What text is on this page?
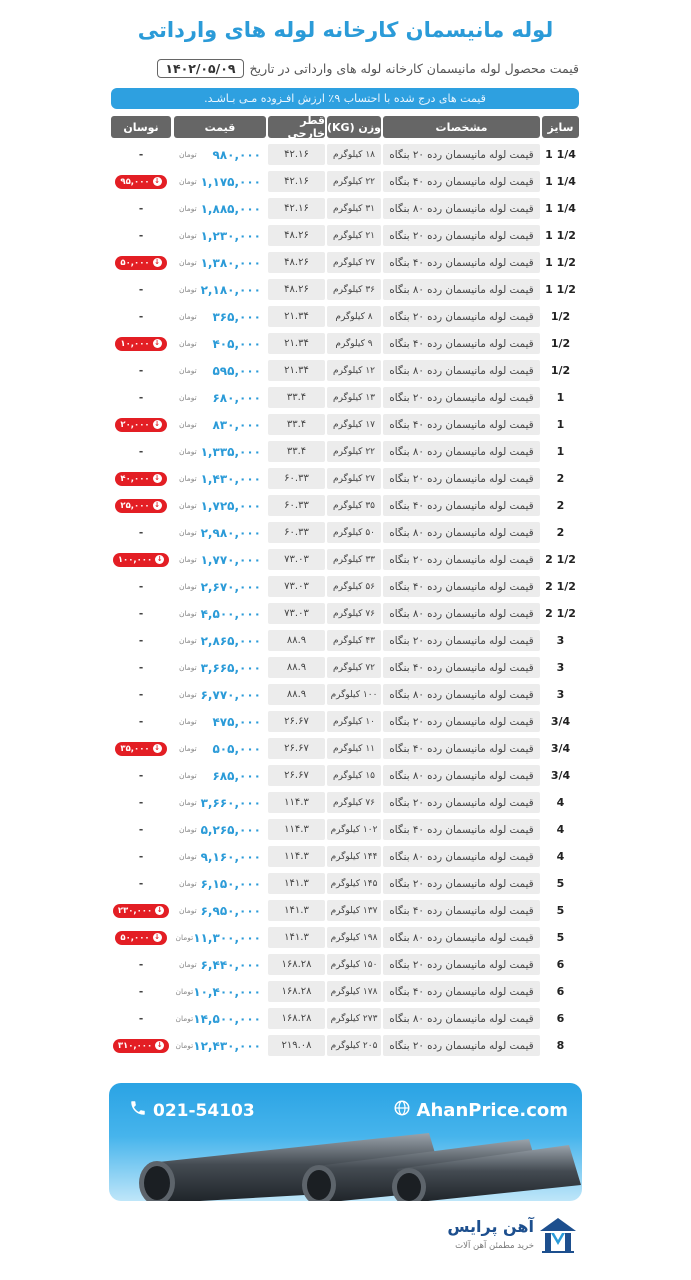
لوله مانیسمان کارخانه لوله های وارداتی
قیمت محصول لوله مانیسمان کارخانه لوله های وارداتی در تاریخ
۱۴۰۲/۰۵/۰۹
قیمت های درج شده با احتساب ۹٪ ارزش افـزوده مـی بـاشـد.
سایز
مشخصات
وزن (KG)
قطر خارجی
قیمت
نوسان
1 1/4
قیمت لوله مانیسمان رده ۲۰ بنگاه
۱۸ کیلوگرم
۴۲.۱۶
۹۸۰,۰۰۰
تومان
-
1 1/4
قیمت لوله مانیسمان رده ۴۰ بنگاه
۲۲ کیلوگرم
۴۲.۱۶
۱,۱۷۵,۰۰۰
تومان
↓
۹۵,۰۰۰
1 1/4
قیمت لوله مانیسمان رده ۸۰ بنگاه
۳۱ کیلوگرم
۴۲.۱۶
۱,۸۸۵,۰۰۰
تومان
-
1 1/2
قیمت لوله مانیسمان رده ۲۰ بنگاه
۲۱ کیلوگرم
۴۸.۲۶
۱,۲۳۰,۰۰۰
تومان
-
1 1/2
قیمت لوله مانیسمان رده ۴۰ بنگاه
۲۷ کیلوگرم
۴۸.۲۶
۱,۳۸۰,۰۰۰
تومان
↓
۵۰,۰۰۰
1 1/2
قیمت لوله مانیسمان رده ۸۰ بنگاه
۳۶ کیلوگرم
۴۸.۲۶
۲,۱۸۰,۰۰۰
تومان
-
1/2
قیمت لوله مانیسمان رده ۲۰ بنگاه
۸ کیلوگرم
۲۱.۳۴
۳۶۵,۰۰۰
تومان
-
1/2
قیمت لوله مانیسمان رده ۴۰ بنگاه
۹ کیلوگرم
۲۱.۳۴
۴۰۵,۰۰۰
تومان
↓
۱۰,۰۰۰
1/2
قیمت لوله مانیسمان رده ۸۰ بنگاه
۱۲ کیلوگرم
۲۱.۳۴
۵۹۵,۰۰۰
تومان
-
1
قیمت لوله مانیسمان رده ۲۰ بنگاه
۱۳ کیلوگرم
۳۳.۴
۶۸۰,۰۰۰
تومان
-
1
قیمت لوله مانیسمان رده ۴۰ بنگاه
۱۷ کیلوگرم
۳۳.۴
۸۳۰,۰۰۰
تومان
↓
۲۰,۰۰۰
1
قیمت لوله مانیسمان رده ۸۰ بنگاه
۲۲ کیلوگرم
۳۳.۴
۱,۳۳۵,۰۰۰
تومان
-
2
قیمت لوله مانیسمان رده ۲۰ بنگاه
۲۷ کیلوگرم
۶۰.۳۳
۱,۴۳۰,۰۰۰
تومان
↓
۴۰,۰۰۰
2
قیمت لوله مانیسمان رده ۴۰ بنگاه
۳۵ کیلوگرم
۶۰.۳۳
۱,۷۲۵,۰۰۰
تومان
↓
۲۵,۰۰۰
2
قیمت لوله مانیسمان رده ۸۰ بنگاه
۵۰ کیلوگرم
۶۰.۳۳
۲,۹۸۰,۰۰۰
تومان
-
2 1/2
قیمت لوله مانیسمان رده ۲۰ بنگاه
۳۳ کیلوگرم
۷۳.۰۳
۱,۷۷۰,۰۰۰
تومان
↓
۱۰۰,۰۰۰
2 1/2
قیمت لوله مانیسمان رده ۴۰ بنگاه
۵۶ کیلوگرم
۷۳.۰۳
۲,۶۷۰,۰۰۰
تومان
-
2 1/2
قیمت لوله مانیسمان رده ۸۰ بنگاه
۷۶ کیلوگرم
۷۳.۰۳
۴,۵۰۰,۰۰۰
تومان
-
3
قیمت لوله مانیسمان رده ۲۰ بنگاه
۴۳ کیلوگرم
۸۸.۹
۲,۸۶۵,۰۰۰
تومان
-
3
قیمت لوله مانیسمان رده ۴۰ بنگاه
۷۲ کیلوگرم
۸۸.۹
۳,۶۶۵,۰۰۰
تومان
-
3
قیمت لوله مانیسمان رده ۸۰ بنگاه
۱۰۰ کیلوگرم
۸۸.۹
۶,۷۷۰,۰۰۰
تومان
-
3/4
قیمت لوله مانیسمان رده ۲۰ بنگاه
۱۰ کیلوگرم
۲۶.۶۷
۴۷۵,۰۰۰
تومان
-
3/4
قیمت لوله مانیسمان رده ۴۰ بنگاه
۱۱ کیلوگرم
۲۶.۶۷
۵۰۵,۰۰۰
تومان
↓
۳۵,۰۰۰
3/4
قیمت لوله مانیسمان رده ۸۰ بنگاه
۱۵ کیلوگرم
۲۶.۶۷
۶۸۵,۰۰۰
تومان
-
4
قیمت لوله مانیسمان رده ۲۰ بنگاه
۷۶ کیلوگرم
۱۱۴.۳
۳,۶۶۰,۰۰۰
تومان
-
4
قیمت لوله مانیسمان رده ۴۰ بنگاه
۱۰۲ کیلوگرم
۱۱۴.۳
۵,۲۶۵,۰۰۰
تومان
-
4
قیمت لوله مانیسمان رده ۸۰ بنگاه
۱۴۴ کیلوگرم
۱۱۴.۳
۹,۱۶۰,۰۰۰
تومان
-
5
قیمت لوله مانیسمان رده ۲۰ بنگاه
۱۴۵ کیلوگرم
۱۴۱.۳
۶,۱۵۰,۰۰۰
تومان
-
5
قیمت لوله مانیسمان رده ۴۰ بنگاه
۱۳۷ کیلوگرم
۱۴۱.۳
۶,۹۵۰,۰۰۰
تومان
↓
۲۳۰,۰۰۰
5
قیمت لوله مانیسمان رده ۸۰ بنگاه
۱۹۸ کیلوگرم
۱۴۱.۳
۱۱,۳۰۰,۰۰۰
تومان
↓
۵۰,۰۰۰
6
قیمت لوله مانیسمان رده ۲۰ بنگاه
۱۵۰ کیلوگرم
۱۶۸.۲۸
۶,۴۴۰,۰۰۰
تومان
-
6
قیمت لوله مانیسمان رده ۴۰ بنگاه
۱۷۸ کیلوگرم
۱۶۸.۲۸
۱۰,۴۰۰,۰۰۰
تومان
-
6
قیمت لوله مانیسمان رده ۸۰ بنگاه
۲۷۳ کیلوگرم
۱۶۸.۲۸
۱۴,۵۰۰,۰۰۰
تومان
-
8
قیمت لوله مانیسمان رده ۲۰ بنگاه
۲۰۵ کیلوگرم
۲۱۹.۰۸
۱۲,۴۳۰,۰۰۰
تومان
↓
۳۱۰,۰۰۰
021-54103	AhanPrice.com
آهن پرایس
خرید مطمئن آهن آلات
